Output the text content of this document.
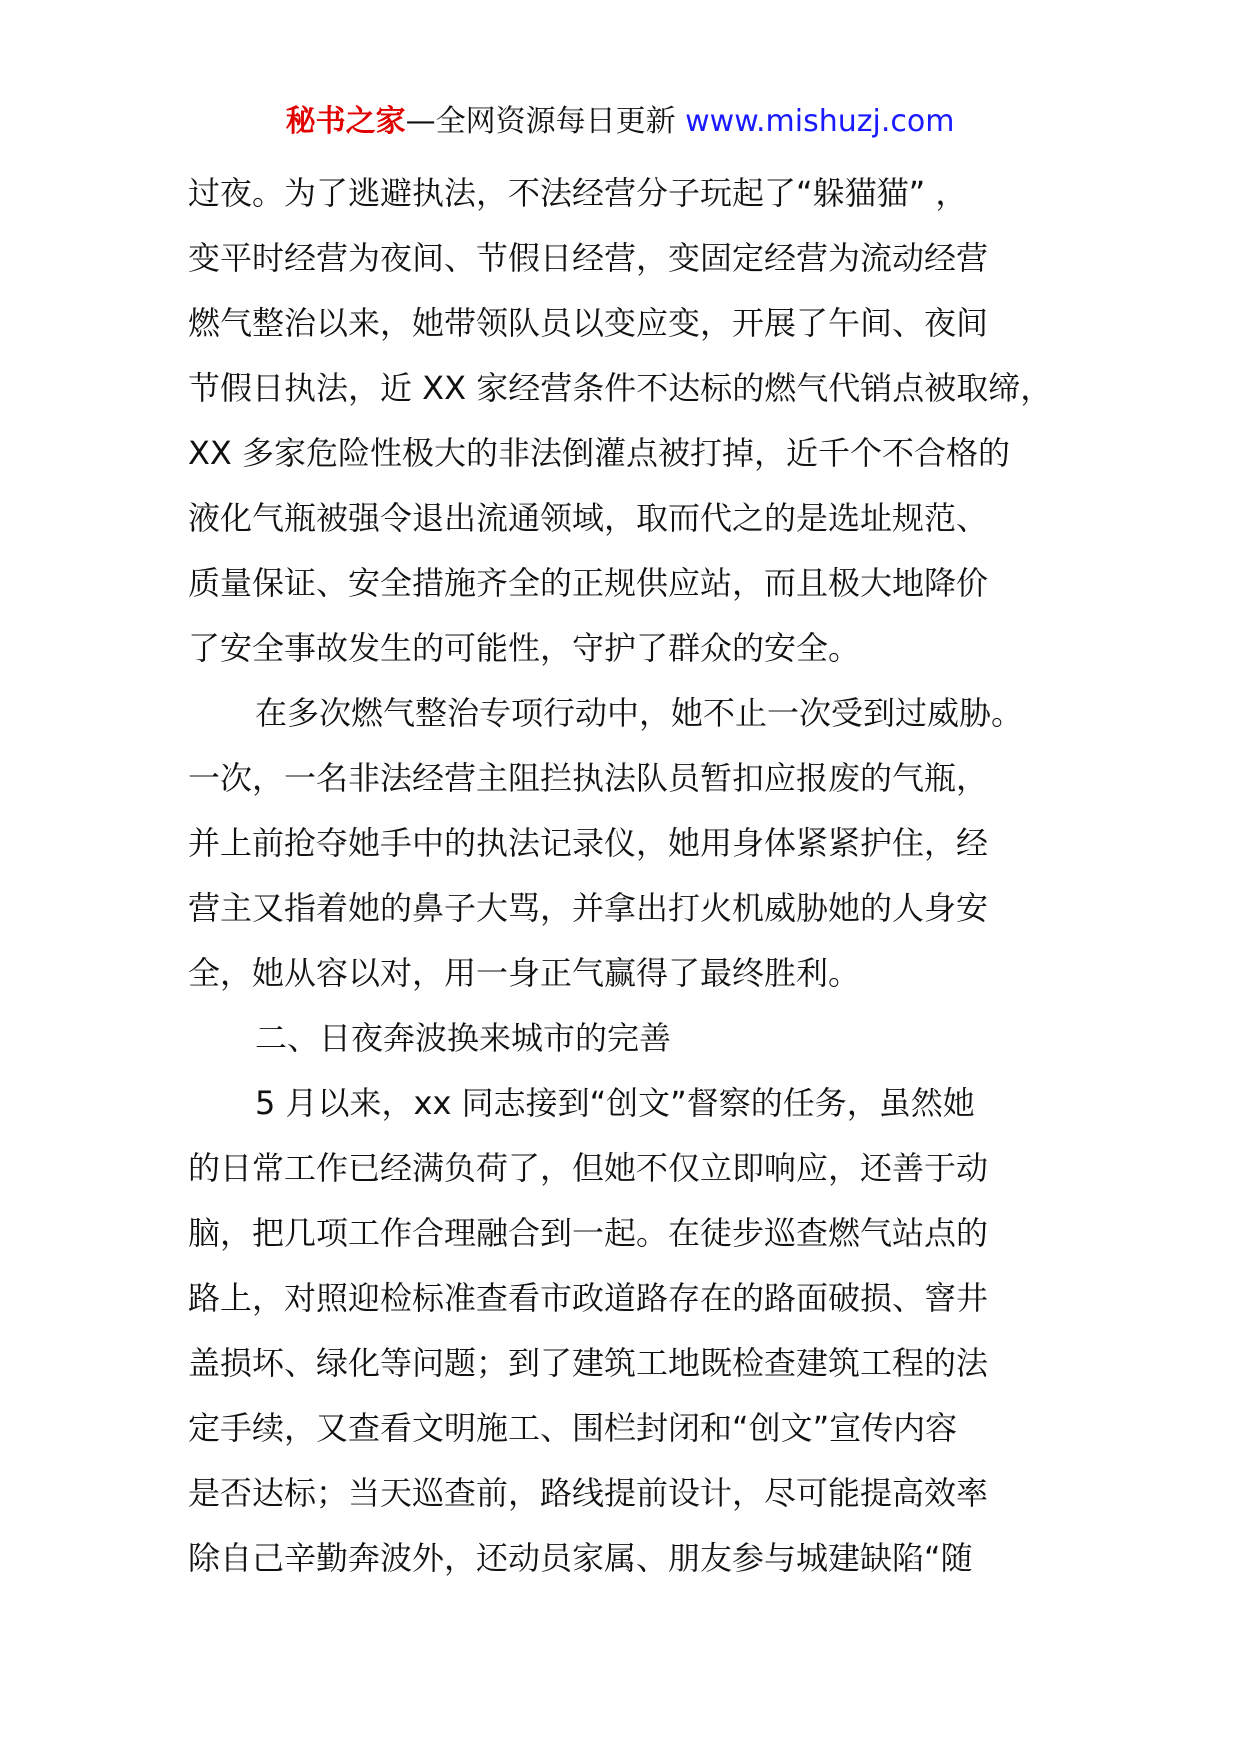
秘书之家—全网资源每日更新 www.mishuzj.com
过夜。为了逃避执法，不法经营分子玩起了“躲猫猫” ，
变平时经营为夜间、节假日经营，变固定经营为流动经营
燃气整治以来，她带领队员以变应变，开展了午间、夜间
节假日执法，近 XX 家经营条件不达标的燃气代销点被取缔，
XX 多家危险性极大的非法倒灌点被打掉，近千个不合格的
液化气瓶被强令退出流通领域，取而代之的是选址规范、
质量保证、安全措施齐全的正规供应站，而且极大地降价
了安全事故发生的可能性，守护了群众的安全。
在多次燃气整治专项行动中，她不止一次受到过威胁。
一次，一名非法经营主阻拦执法队员暂扣应报废的气瓶，
并上前抢夺她手中的执法记录仪，她用身体紧紧护住，经
营主又指着她的鼻子大骂，并拿出打火机威胁她的人身安
全，她从容以对，用一身正气赢得了最终胜利。
二、日夜奔波换来城市的完善
5 月以来，xx 同志接到“创文”督察的任务，虽然她
的日常工作已经满负荷了，但她不仅立即响应，还善于动
脑，把几项工作合理融合到一起。在徒步巡查燃气站点的
路上，对照迎检标准查看市政道路存在的路面破损、窨井
盖损坏、绿化等问题；到了建筑工地既检查建筑工程的法
定手续，又查看文明施工、围栏封闭和“创文”宣传内容
是否达标；当天巡查前，路线提前设计，尽可能提高效率
除自己辛勤奔波外，还动员家属、朋友参与城建缺陷“随
